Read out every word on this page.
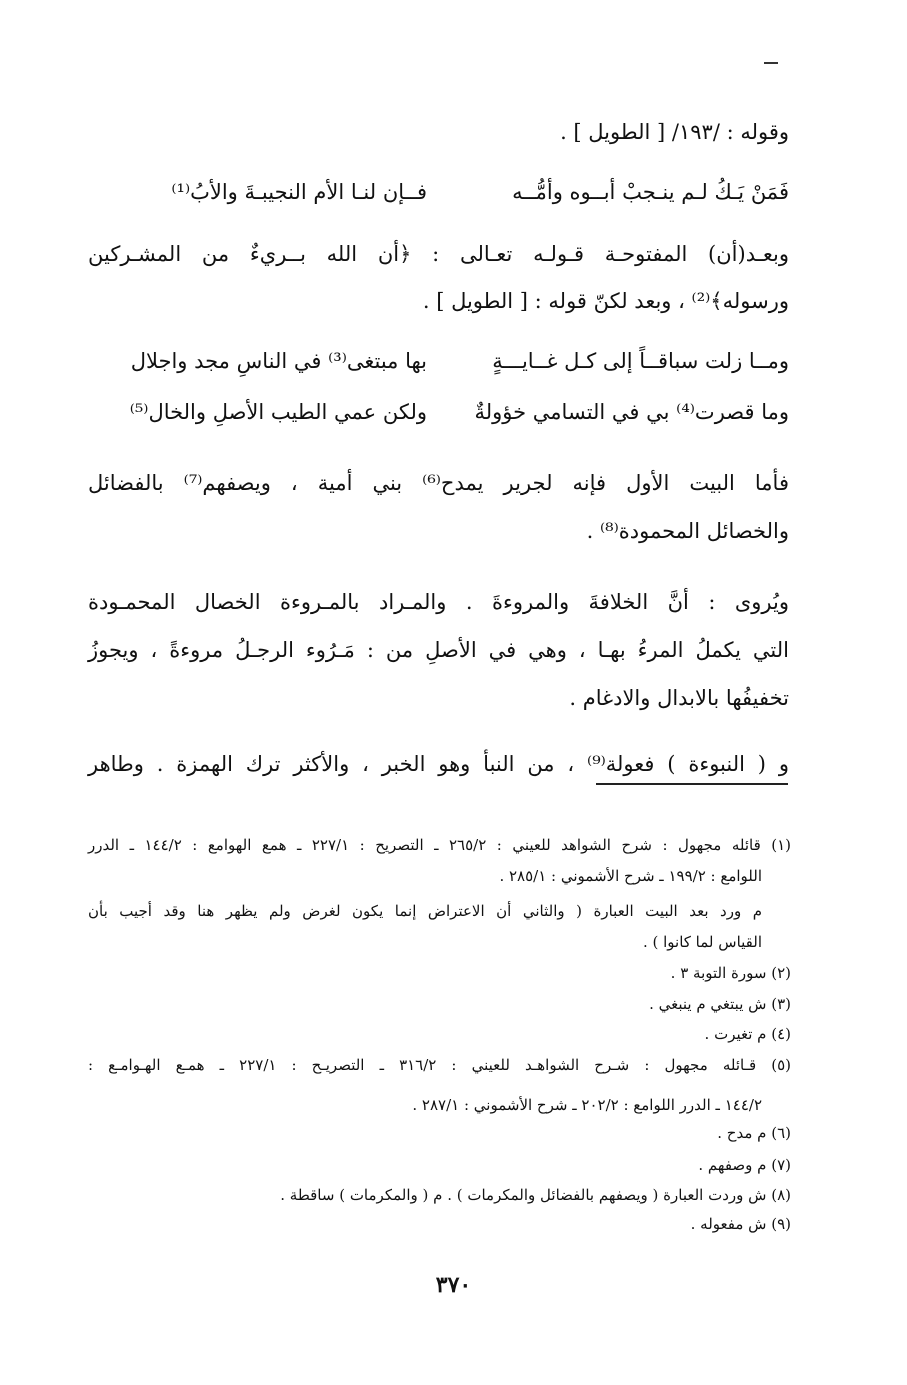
وقوله : /١٩٣/ [ الطويل ] .
فَمَنْ يَـكُ لـم ينـجبْ أبــوه وأمُّــه
فــإن لنـا الأم النجيبـةَ والأبُ⁽¹⁾
وبعـد(أن) المفتوحـة قـولـه تعـالى : ﴿أن الله بــريءٌ من المشـركين
ورسوله﴾⁽²⁾ ، وبعد لكنّ قوله : [ الطويل ] .
ومــا زلت سباقــاً إلى كـل غــايـــةٍ
بها مبتغى⁽³⁾ في الناسِ مجد واجلال
وما قصرت⁽⁴⁾ بي في التسامي خؤولةٌ
ولكن عمي الطيب الأصلِ والخال⁽⁵⁾
فأما البيت الأول فإنه لجرير يمدح⁽⁶⁾ بني أمية ، ويصفهم⁽⁷⁾ بالفضائل
والخصائل المحمودة⁽⁸⁾ .
ويُروى : أنَّ الخلافةَ والمروءةَ . والمـراد بالمـروءة الخصال المحمـودة
التي يكملُ المرءُ بهـا ، وهي في الأصلِ من : مَـرُوء الرجـلُ مروءةً ، ويجوزُ
تخفيفُها بالابدال والادغام .
و ( النبوءة ) فعولة⁽⁹⁾ ، من النبأ وهو الخبر ، والأكثر ترك الهمزة . وطاهر
(١) قائله مجهول : شرح الشواهد للعيني : ٢٦٥/٢ ـ التصريح : ٢٢٧/١ ـ همع الهوامع : ١٤٤/٢ ـ الدرر
اللوامع : ١٩٩/٢ ـ شرح الأشموني : ٢٨٥/١ .
م ورد بعد البيت العبارة ( والثاني أن الاعتراض إنما يكون لغرض ولم يظهر هنا وقد أجيب بأن
القياس لما كانوا ) .
(٢) سورة التوبة ٣ .
(٣) ش يبتغي م ينبغي .
(٤) م تغيرت .
(٥) قـائله مجهول : شـرح الشواهـد للعيني : ٣١٦/٢ ـ التصريـح : ٢٢٧/١ ـ همـع الهـوامـع :
١٤٤/٢ ـ الدرر اللوامع : ٢٠٢/٢ ـ شرح الأشموني : ٢٨٧/١ .
(٦) م مدح .
(٧) م وصفهم .
(٨) ش وردت العبارة ( ويصفهم بالفضائل والمكرمات ) . م ( والمكرمات ) ساقطة .
(٩) ش مفعوله .
٣٧٠
